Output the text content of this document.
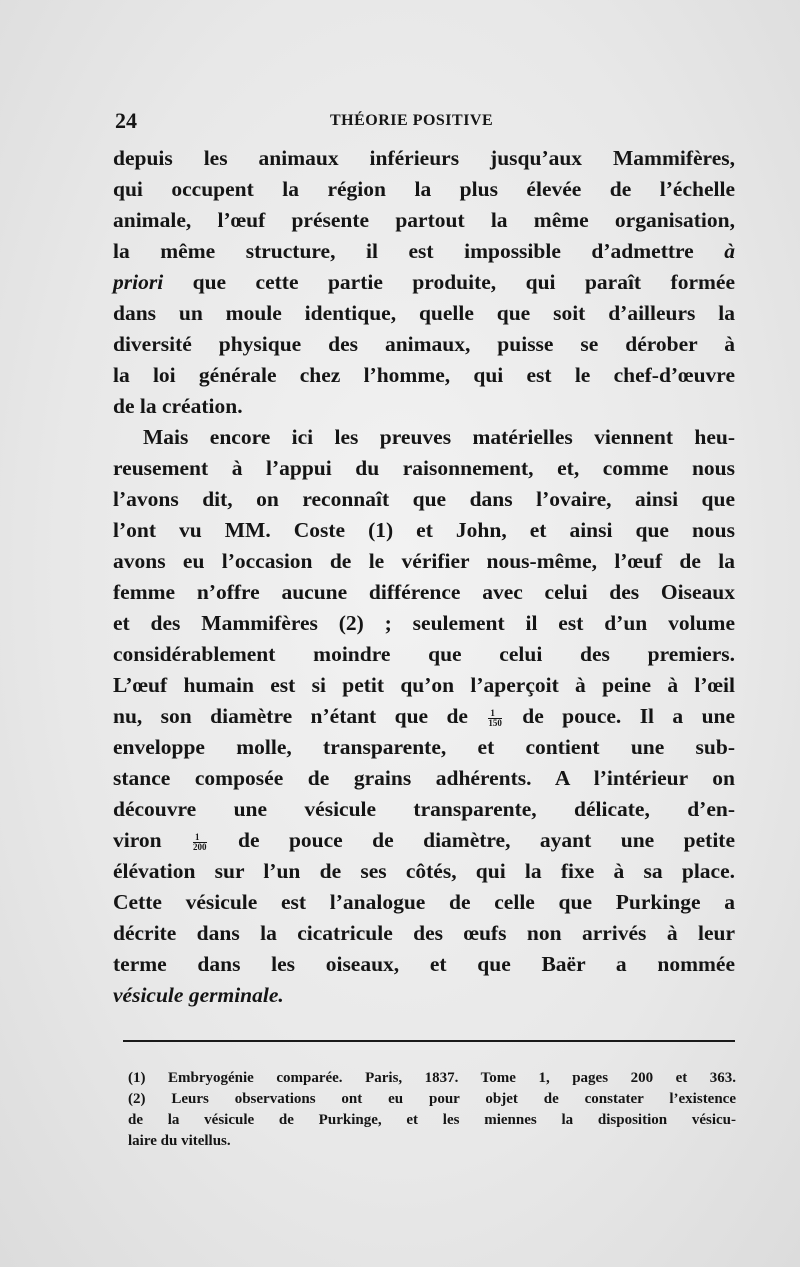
24	THÉORIE POSITIVE
depuis les animaux inférieurs jusqu’aux Mammifères,
qui occupent la région la plus élevée de l’échelle
animale, l’œuf présente partout la même organisation,
la même structure, il est impossible d’admettre à
priori que cette partie produite, qui paraît formée
dans un moule identique, quelle que soit d’ailleurs la
diversité physique des animaux, puisse se dérober à
la loi générale chez l’homme, qui est le chef-d’œuvre
de la création.
Mais encore ici les preuves matérielles viennent heu-
reusement à l’appui du raisonnement, et, comme nous
l’avons dit, on reconnaît que dans l’ovaire, ainsi que
l’ont vu MM. Coste (1) et John, et ainsi que nous
avons eu l’occasion de le vérifier nous-même, l’œuf de la
femme n’offre aucune différence avec celui des Oiseaux
et des Mammifères (2) ; seulement il est d’un volume
considérablement moindre que celui des premiers.
L’œuf humain est si petit qu’on l’aperçoit à peine à l’œil
nu, son diamètre n’étant que de $\frac{1}{150}$ de pouce. Il a une
enveloppe molle, transparente, et contient une sub-
stance composée de grains adhérents. A l’intérieur on
découvre une vésicule transparente, délicate, d’en-
viron	$\frac{1}{200}$ de pouce de diamètre, ayant une petite
élévation sur l’un de ses côtés, qui la fixe à sa place.
Cette vésicule est l’analogue de celle que Purkinge a
décrite dans la cicatricule des œufs non arrivés à leur
terme dans les oiseaux, et que Baër a nommée
vésicule germinale.
(1) Embryogénie comparée. Paris, 1837. Tome 1, pages 200 et 363.
(2) Leurs observations ont eu pour objet de constater l’existence
de la vésicule de Purkinge, et les miennes la disposition vésicu-
laire du vitellus.
